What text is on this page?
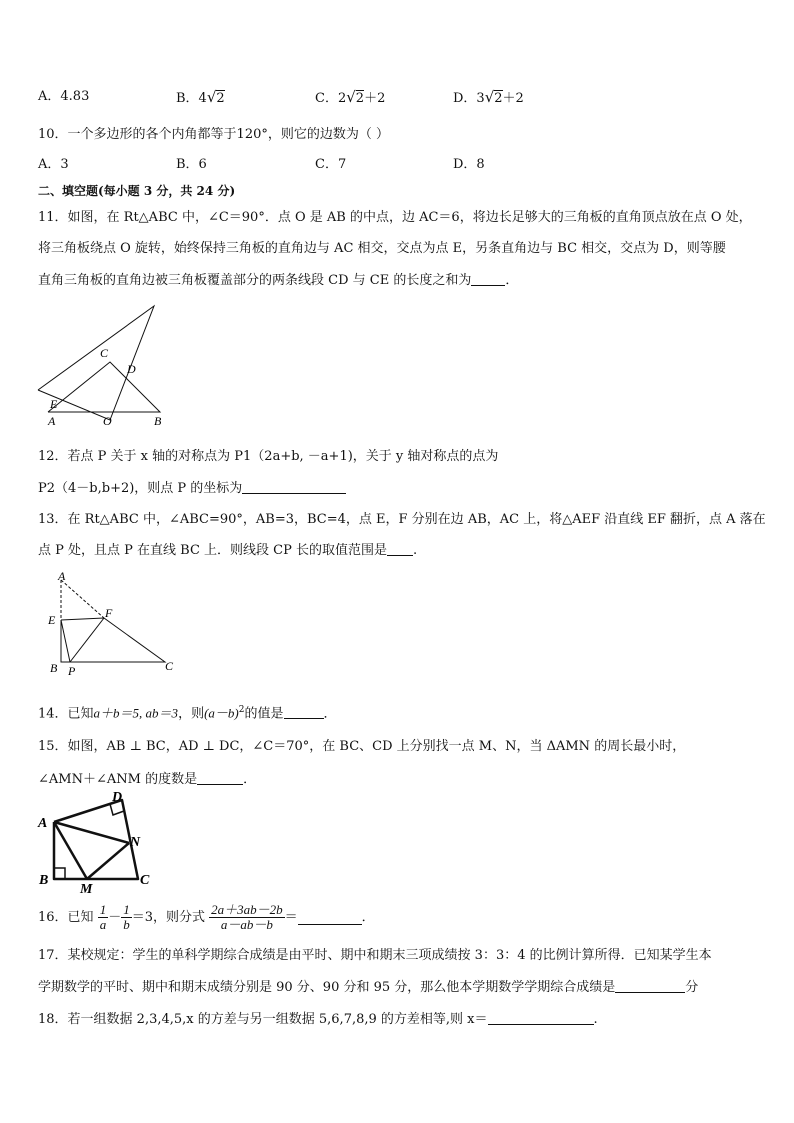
A．4.83	B．4√2	C．2√2＋2	D．3√2＋2
10．一个多边形的各个内角都等于120°，则它的边数为（ ）
A．3	B．6	C．7	D．8
二、填空题(每小题 3 分，共 24 分)
11．如图，在 Rt△ABC 中，∠C＝90°．点 O 是 AB 的中点，边 AC＝6，将边长足够大的三角板的直角顶点放在点 O 处，
将三角板绕点 O 旋转，始终保持三角板的直角边与 AC 相交，交点为点 E，另条直角边与 BC 相交，交点为 D，则等腰
直角三角板的直角边被三角板覆盖部分的两条线段 CD 与 CE 的长度之和为	．
C
D
E
A	O	B
12．若点 P 关于 x 轴的对称点为 P1（2a+b, －a+1)，关于 y 轴对称点的点为
P2（4－b,b+2)，则点 P 的坐标为
13．在 Rt△ABC 中，∠ABC=90°，AB=3，BC=4，点 E，F 分别在边 AB，AC 上，将△AEF 沿直线 EF 翻折，点 A 落在
点 P 处，且点 P 在直线 BC 上．则线段 CP 长的取值范围是 .
A
F
E
B P	C
14．已知a＋b＝5, ab＝3，则$(a-b)^2$的值是	．
15．如图，AB ⊥ BC，AD ⊥ DC，∠C＝70°，在 BC、CD 上分别找一点 M、N，当 ΔAMN 的周长最小时，
∠AMN＋∠ANM 的度数是	．
A
D
N
B
M
C
16．已知 $\frac{1}{a} - \frac{1}{b} =3$，则分式 $\frac{2a+3ab-2b}{a-ab-b}$ ＝	．
17．某校规定：学生的单科学期综合成绩是由平时、期中和期末三项成绩按 3：3：4 的比例计算所得．已知某学生本
学期数学的平时、期中和期末成绩分别是 90 分、90 分和 95 分，那么他本学期数学学期综合成绩是	分
18．若一组数据 2,3,4,5,x 的方差与另一组数据 5,6,7,8,9 的方差相等,则 x＝	.
